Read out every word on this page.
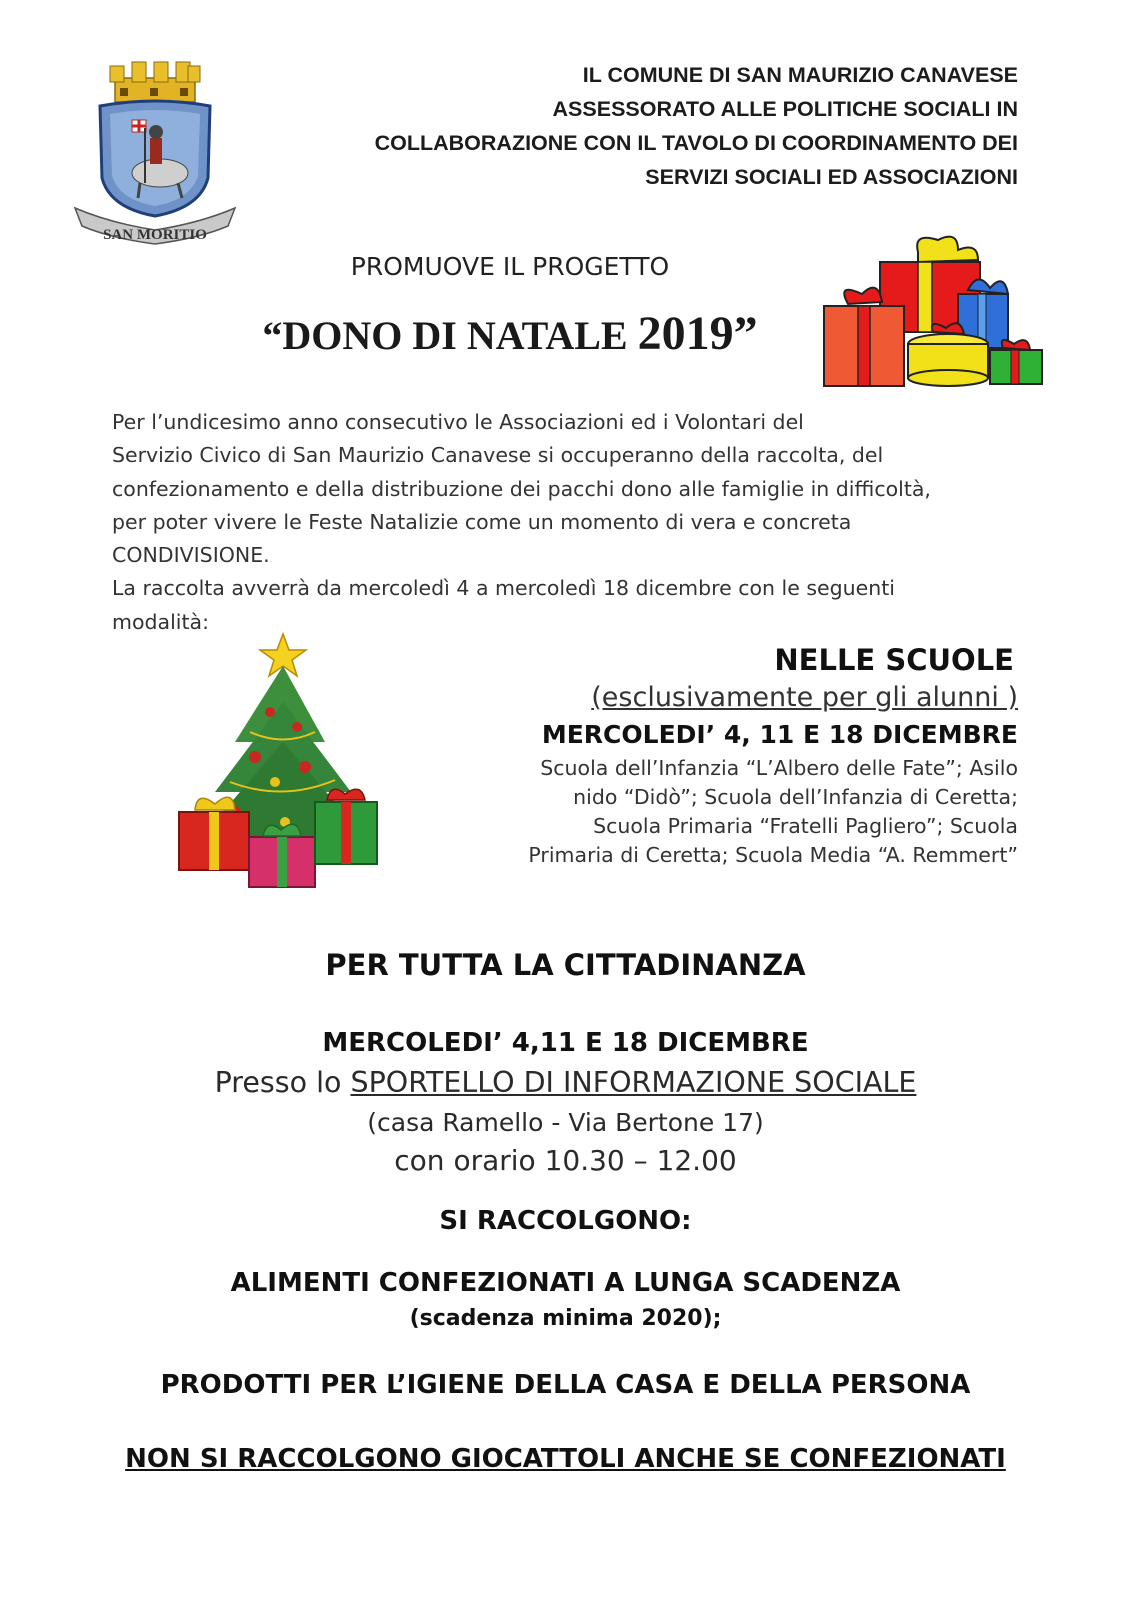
SAN MORITIO
IL COMUNE DI SAN MAURIZIO CANAVESE
ASSESSORATO ALLE POLITICHE SOCIALI IN
COLLABORAZIONE CON IL TAVOLO DI COORDINAMENTO DEI
SERVIZI SOCIALI ED ASSOCIAZIONI
PROMUOVE IL PROGETTO
“DONO DI NATALE 2019”
Per l’undicesimo anno consecutivo le Associazioni ed i Volontari del
Servizio Civico di San Maurizio Canavese si occuperanno della raccolta, del
confezionamento e della distribuzione dei pacchi dono alle famiglie in difficoltà,
per poter vivere le Feste Natalizie come un momento di vera e concreta
CONDIVISIONE.
La raccolta avverrà da mercoledì 4 a mercoledì 18 dicembre con le seguenti
modalità:
NELLE SCUOLE
(esclusivamente per gli alunni )
MERCOLEDI’ 4, 11 E 18 DICEMBRE
Scuola dell’Infanzia “L’Albero delle Fate”; Asilo
nido “Didò”; Scuola dell’Infanzia di Ceretta;
Scuola Primaria “Fratelli Pagliero”; Scuola
Primaria di Ceretta; Scuola Media “A. Remmert”
PER TUTTA LA CITTADINANZA
MERCOLEDI’ 4,11 E 18 DICEMBRE
Presso lo SPORTELLO DI INFORMAZIONE SOCIALE
(casa Ramello - Via Bertone 17)
con orario 10.30 – 12.00
SI RACCOLGONO:
ALIMENTI CONFEZIONATI A LUNGA SCADENZA
(scadenza minima 2020);
PRODOTTI PER L’IGIENE DELLA CASA E DELLA PERSONA
NON SI RACCOLGONO GIOCATTOLI ANCHE SE CONFEZIONATI
